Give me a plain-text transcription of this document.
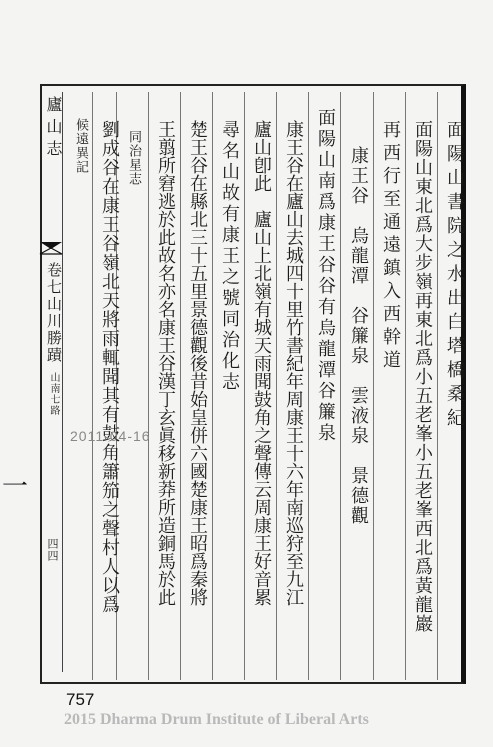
廬山志
卷七山川勝蹟
山南七路
四四
面陽山書院之水出白塔橋桑紀
面陽山東北爲大步嶺再東北爲小五老峯小五老峯西北爲黃龍巖
再西行至通遠鎮入西幹道
康王谷　烏龍潭　谷簾泉　雲液泉　景德觀
面陽山南爲康王谷谷有烏龍潭谷簾泉
康王谷在廬山去城四十里竹書紀年周康王十六年南巡狩至九江
廬山卽此　廬山上北嶺有城天雨聞鼓角之聲傳云周康王好音累
尋名山故有康王之號同治化志
楚王谷在縣北三十五里景德觀後昔始皇併六國楚康王昭爲秦將
王翦所窘逃於此故名亦名康王谷漢丁玄眞移新莽所造銅馬於此
同治星志
劉成谷在康王谷嶺北天將雨輒聞其有鼓角簫笳之聲村人以爲
候遠異記
2011-04-16
一
757
2015 Dharma Drum Institute of Liberal Arts
